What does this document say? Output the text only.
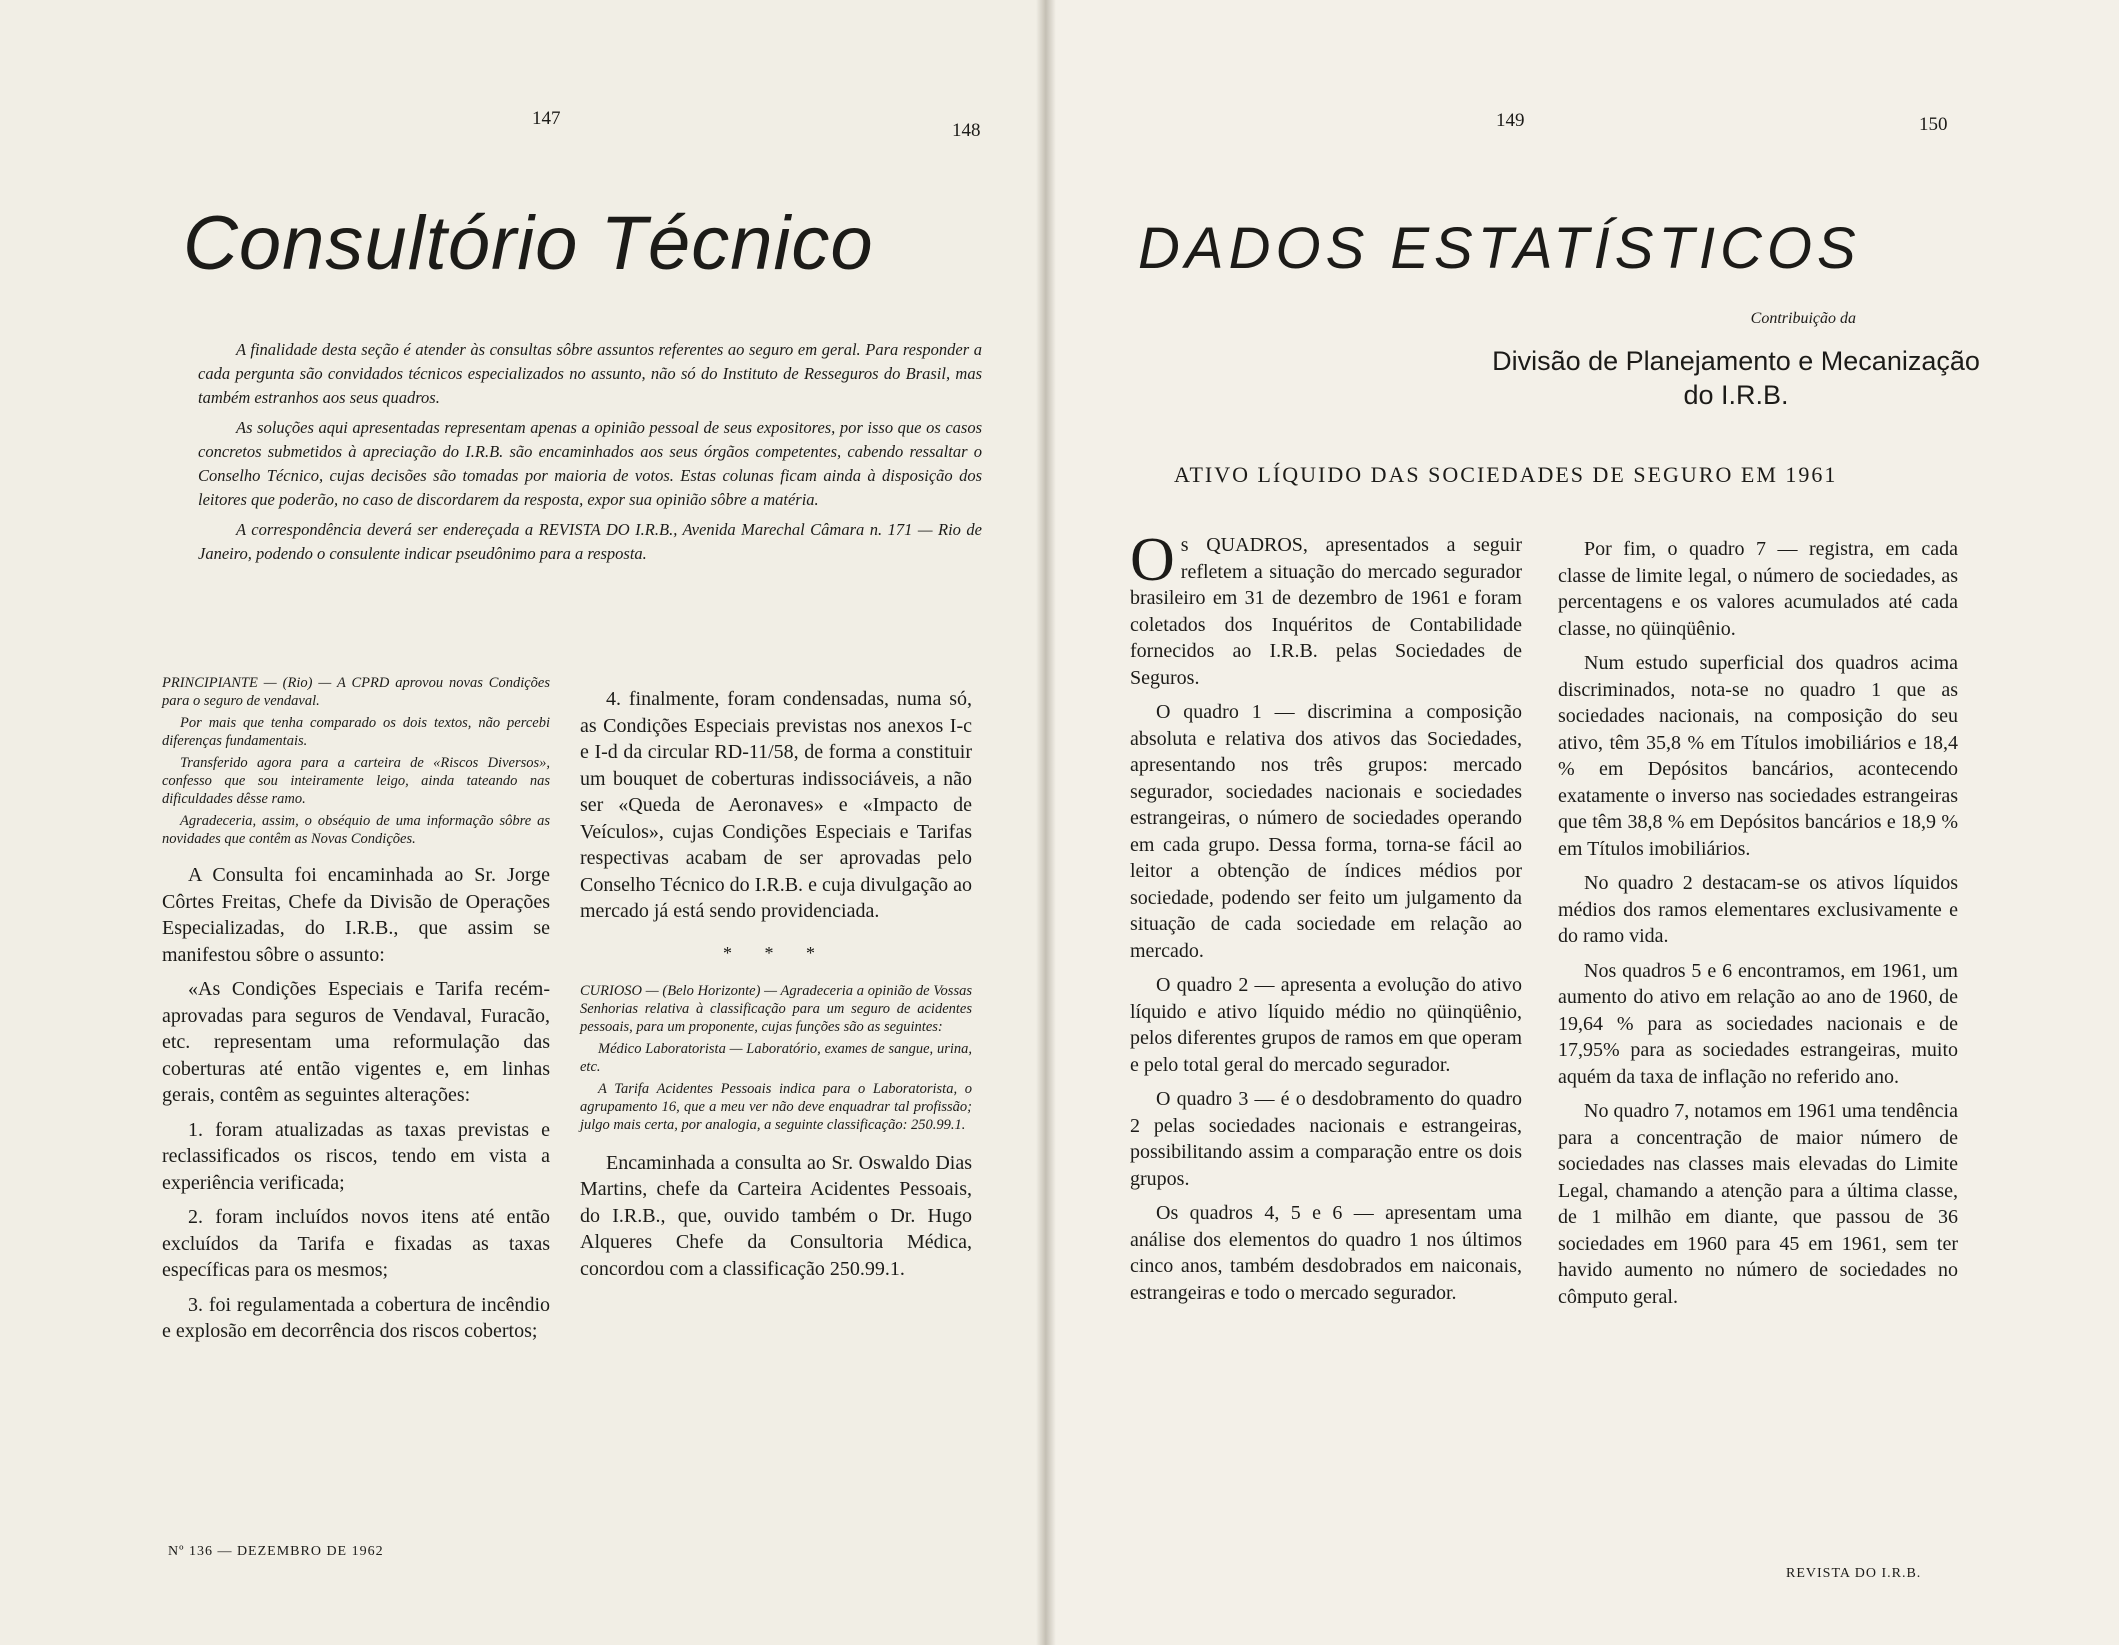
147
148
Consultório Técnico

A finalidade desta seção é atender às consultas sôbre assuntos referentes ao seguro em geral. Para responder a cada pergunta são convidados técnicos especializados no assunto, não só do Instituto de Resseguros do Brasil, mas também estranhos aos seus quadros.

As soluções aqui apresentadas representam apenas a opinião pessoal de seus expositores, por isso que os casos concretos submetidos à apreciação do I.R.B. são encaminhados aos seus órgãos competentes, cabendo ressaltar o Conselho Técnico, cujas decisões são tomadas por maioria de votos. Estas colunas ficam ainda à disposição dos leitores que poderão, no caso de discordarem da resposta, expor sua opinião sôbre a matéria.

A correspondência deverá ser endereçada a REVISTA DO I.R.B., Avenida Marechal Câmara n. 171 — Rio de Janeiro, podendo o consulente indicar pseudônimo para a resposta.

PRINCIPIANTE — (Rio) — A CPRD aprovou novas Condições para o seguro de vendaval.

Por mais que tenha comparado os dois textos, não percebi diferenças fundamentais.

Transferido agora para a carteira de «Riscos Diversos», confesso que sou inteiramente leigo, ainda tateando nas dificuldades dêsse ramo.

Agradeceria, assim, o obséquio de uma informação sôbre as novidades que contêm as Novas Condições.

A Consulta foi encaminhada ao Sr. Jorge Côrtes Freitas, Chefe da Divisão de Operações Especializadas, do I.R.B., que assim se manifestou sôbre o assunto:

«As Condições Especiais e Tarifa recém-aprovadas para seguros de Vendaval, Furacão, etc. representam uma reformulação das coberturas até então vigentes e, em linhas gerais, contêm as seguintes alterações:

1. foram atualizadas as taxas previstas e reclassificados os riscos, tendo em vista a experiência verificada;

2. foram incluídos novos itens até então excluídos da Tarifa e fixadas as taxas específicas para os mesmos;

3. foi regulamentada a cobertura de incêndio e explosão em decorrência dos riscos cobertos;

4. finalmente, foram condensadas, numa só, as Condições Especiais previstas nos anexos I-c e I-d da circular RD-11/58, de forma a constituir um bouquet de coberturas indissociáveis, a não ser «Queda de Aeronaves» e «Impacto de Veículos», cujas Condições Especiais e Tarifas respectivas acabam de ser aprovadas pelo Conselho Técnico do I.R.B. e cuja divulgação ao mercado já está sendo providenciada.

* * *

CURIOSO — (Belo Horizonte) — Agradeceria a opinião de Vossas Senhorias relativa à classificação para um seguro de acidentes pessoais, para um proponente, cujas funções são as seguintes:

Médico Laboratorista — Laboratório, exames de sangue, urina, etc.

A Tarifa Acidentes Pessoais indica para o Laboratorista, o agrupamento 16, que a meu ver não deve enquadrar tal profissão; julgo mais certa, por analogia, a seguinte classificação: 250.99.1.

Encaminhada a consulta ao Sr. Oswaldo Dias Martins, chefe da Carteira Acidentes Pessoais, do I.R.B., que, ouvido também o Dr. Hugo Alqueres Chefe da Consultoria Médica, concordou com a classificação 250.99.1.

Nº 136 — DEZEMBRO DE 1962
149	150
DADOS ESTATÍSTICOS
Contribuição da
Divisão de Planejamento e Mecanização
do I.R.B.
ATIVO LÍQUIDO DAS SOCIEDADES DE SEGURO EM 1961

Os QUADROS, apresentados a seguir refletem a situação do mercado segurador brasileiro em 31 de dezembro de 1961 e foram coletados dos Inquéritos de Contabilidade fornecidos ao I.R.B. pelas Sociedades de Seguros.

O quadro 1 — discrimina a composição absoluta e relativa dos ativos das Sociedades, apresentando nos três grupos: mercado segurador, sociedades nacionais e sociedades estrangeiras, o número de sociedades operando em cada grupo. Dessa forma, torna-se fácil ao leitor a obtenção de índices médios por sociedade, podendo ser feito um julgamento da situação de cada sociedade em relação ao mercado.

O quadro 2 — apresenta a evolução do ativo líquido e ativo líquido médio no qüinqüênio, pelos diferentes grupos de ramos em que operam e pelo total geral do mercado segurador.

O quadro 3 — é o desdobramento do quadro 2 pelas sociedades nacionais e estrangeiras, possibilitando assim a comparação entre os dois grupos.

Os quadros 4, 5 e 6 — apresentam uma análise dos elementos do quadro 1 nos últimos cinco anos, também desdobrados em naiconais, estrangeiras e todo o mercado segurador.

Por fim, o quadro 7 — registra, em cada classe de limite legal, o número de sociedades, as percentagens e os valores acumulados até cada classe, no qüinqüênio.

Num estudo superficial dos quadros acima discriminados, nota-se no quadro 1 que as sociedades nacionais, na composição do seu ativo, têm 35,8 % em Títulos imobiliários e 18,4 % em Depósitos bancários, acontecendo exatamente o inverso nas sociedades estrangeiras que têm 38,8 % em Depósitos bancários e 18,9 % em Títulos imobiliários.

No quadro 2 destacam-se os ativos líquidos médios dos ramos elementares exclusivamente e do ramo vida.

Nos quadros 5 e 6 encontramos, em 1961, um aumento do ativo em relação ao ano de 1960, de 19,64 % para as sociedades nacionais e de 17,95% para as sociedades estrangeiras, muito aquém da taxa de inflação no referido ano.

No quadro 7, notamos em 1961 uma tendência para a concentração de maior número de sociedades nas classes mais elevadas do Limite Legal, chamando a atenção para a última classe, de 1 milhão em diante, que passou de 36 sociedades em 1960 para 45 em 1961, sem ter havido aumento no número de sociedades no cômputo geral.

REVISTA DO I.R.B.
